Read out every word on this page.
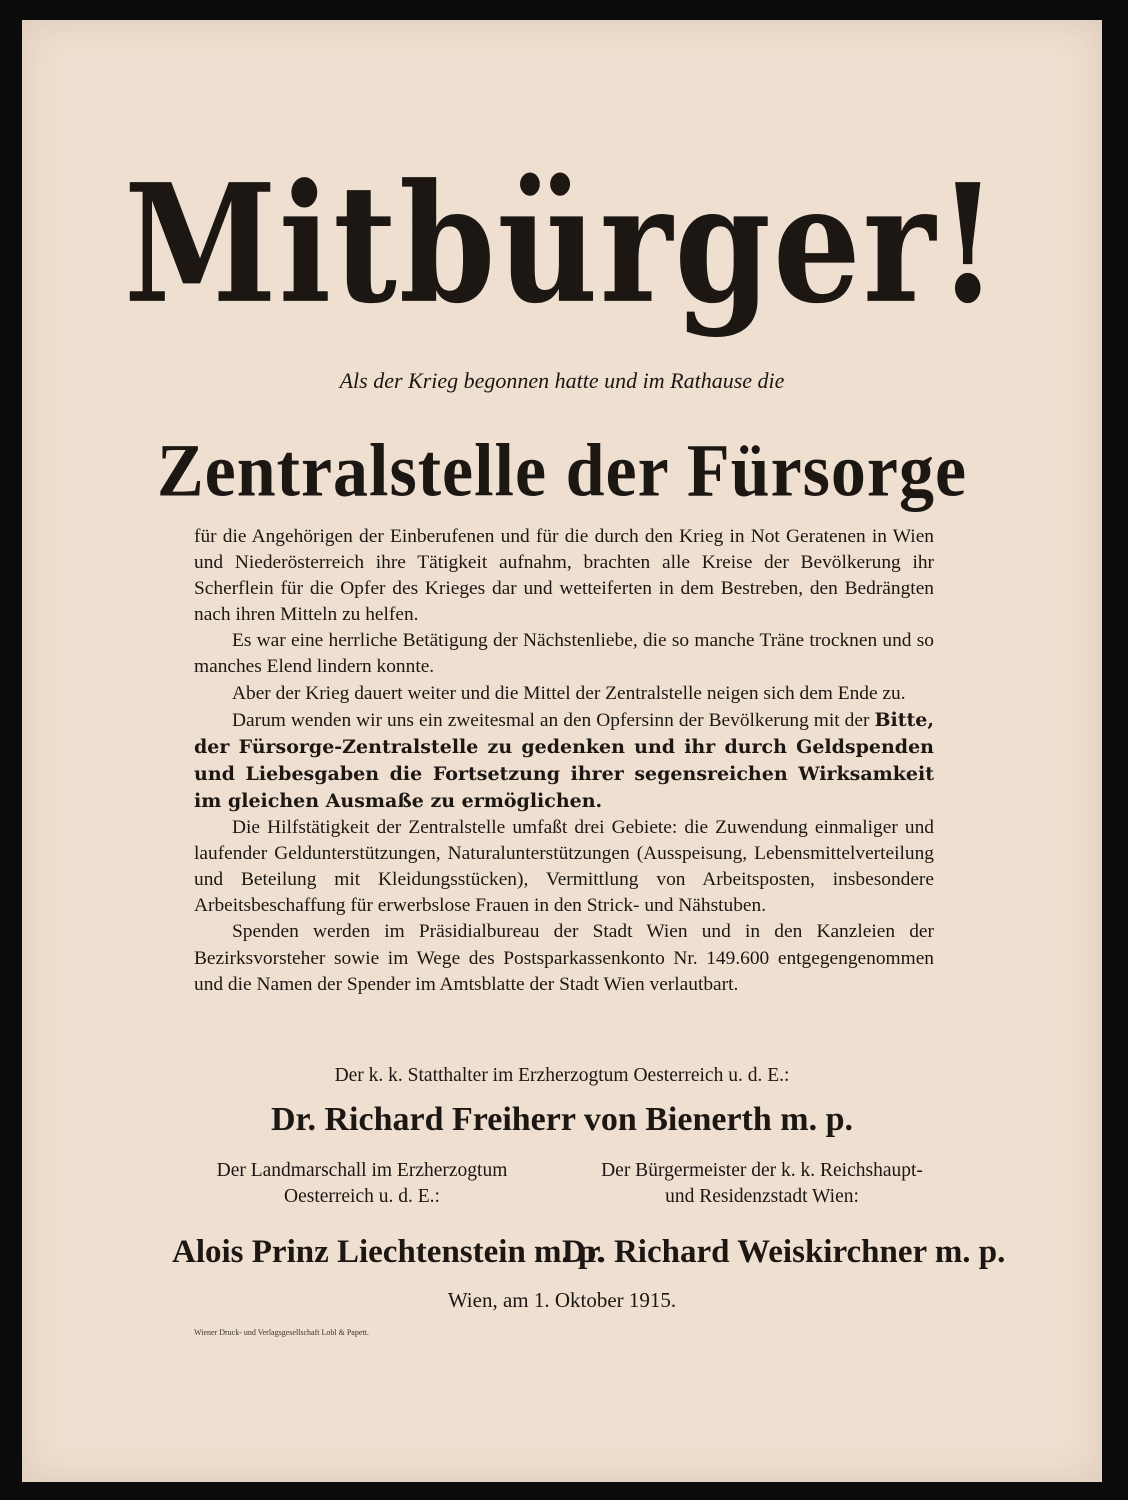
Mitbürger!
Als der Krieg begonnen hatte und im Rathause die
Zentralstelle der Fürsorge

für die Angehörigen der Einberufenen und für die durch den Krieg in Not Geratenen in Wien und Niederösterreich ihre Tätigkeit aufnahm, brachten alle Kreise der Bevölkerung ihr Scherflein für die Opfer des Krieges dar und wetteiferten in dem Bestreben, den Bedrängten nach ihren Mitteln zu helfen.

Es war eine herrliche Betätigung der Nächstenliebe, die so manche Träne trocknen und so manches Elend lindern konnte.

Aber der Krieg dauert weiter und die Mittel der Zentralstelle neigen sich dem Ende zu.

Darum wenden wir uns ein zweitesmal an den Opfersinn der Bevölkerung mit der Bitte, der Fürsorge-Zentralstelle zu gedenken und ihr durch Geldspenden und Liebesgaben die Fortsetzung ihrer segensreichen Wirksamkeit im gleichen Ausmaße zu ermöglichen.

Die Hilfstätigkeit der Zentralstelle umfaßt drei Gebiete: die Zuwendung einmaliger und laufender Geldunterstützungen, Naturalunterstützungen (Ausspeisung, Lebensmittelverteilung und Beteilung mit Kleidungsstücken), Vermittlung von Arbeitsposten, insbesondere Arbeitsbeschaffung für erwerbslose Frauen in den Strick- und Nähstuben.

Spenden werden im Präsidialbureau der Stadt Wien und in den Kanzleien der Bezirksvorsteher sowie im Wege des Postsparkassenkonto Nr. 149.600 entgegengenommen und die Namen der Spender im Amtsblatte der Stadt Wien verlautbart.

Der k. k. Statthalter im Erzherzogtum Oesterreich u. d. E.:
Dr. Richard Freiherr von Bienerth m. p.
Der Landmarschall im Erzherzogtum
Oesterreich u. d. E.:
Alois Prinz Liechtenstein m. p.
Der Bürgermeister der k. k. Reichshaupt-
und Residenzstadt Wien:
Dr. Richard Weiskirchner m. p.
Wien, am 1. Oktober 1915.
Wiener Druck- und Verlagsgesellschaft Lobl & Papett.
